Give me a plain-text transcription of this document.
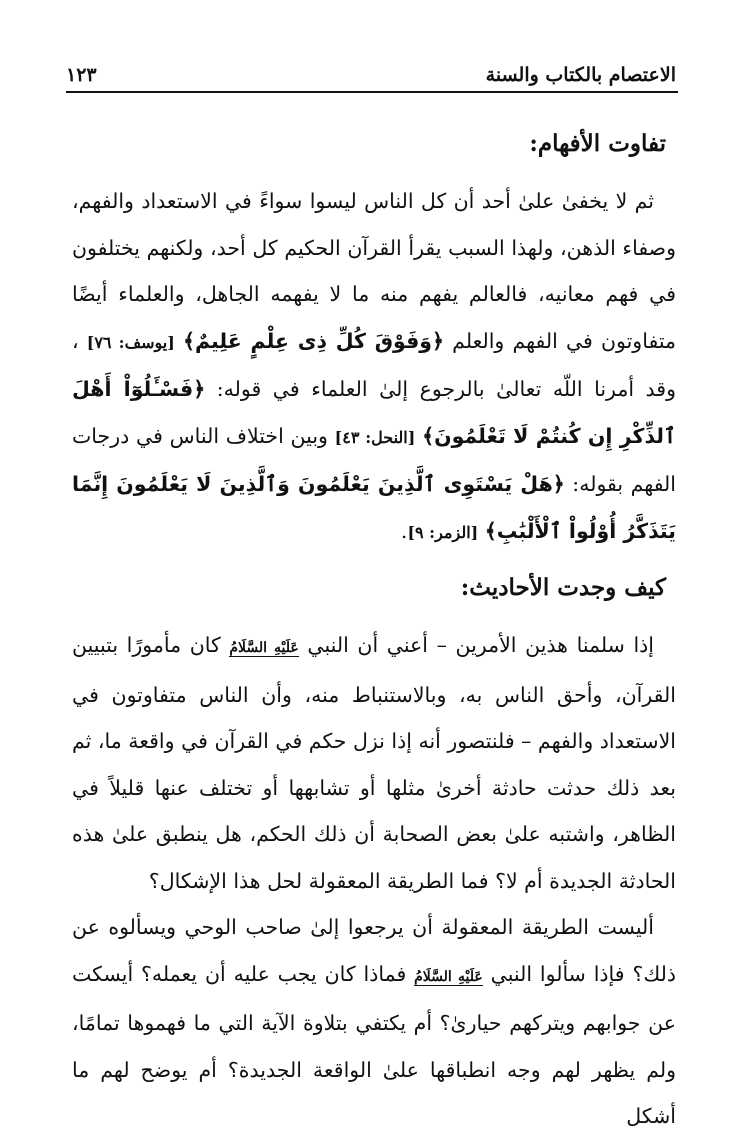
الاعتصام بالكتاب والسنة
١٢٣
تفاوت الأفهام:

ثم لا يخفىٰ علىٰ أحد أن كل الناس ليسوا سواءً في الاستعداد والفهم، وصفاء الذهن، ولهذا السبب يقرأ القرآن الحكيم كل أحد، ولكنهم يختلفون في فهم معانيه، فالعالم يفهم منه ما لا يفهمه الجاهل، والعلماء أيضًا متفاوتون في الفهم والعلم ﴿وَفَوْقَ كُلِّ ذِى عِلْمٍ عَلِيمٌ﴾ [يوسف: ٧٦] ، وقد أمرنا اللّه تعالىٰ بالرجوع إلىٰ العلماء في قوله: ﴿فَسْـَٔلُوٓاْ أَهْلَ ٱلذِّكْرِ إِن كُنتُمْ لَا تَعْلَمُونَ﴾ [النحل: ٤٣] وبين اختلاف الناس في درجات الفهم بقوله: ﴿هَلْ يَسْتَوِى ٱلَّذِينَ يَعْلَمُونَ وَٱلَّذِينَ لَا يَعْلَمُونَ إِنَّمَا يَتَذَكَّرُ أُوْلُواْ ٱلْأَلْبَٰبِ﴾ [الزمر: ٩].

كيف وجدت الأحاديث:

إذا سلمنا هذين الأمرين – أعني أن النبي عَلَيْهِ السَّلَامُ كان مأمورًا بتبيين القرآن، وأحق الناس به، وبالاستنباط منه، وأن الناس متفاوتون في الاستعداد والفهم – فلنتصور أنه إذا نزل حكم في القرآن في واقعة ما، ثم بعد ذلك حدثت حادثة أخرىٰ مثلها أو تشابهها أو تختلف عنها قليلاً في الظاهر، واشتبه علىٰ بعض الصحابة أن ذلك الحكم، هل ينطبق علىٰ هذه الحادثة الجديدة أم لا؟ فما الطريقة المعقولة لحل هذا الإشكال؟

أليست الطريقة المعقولة أن يرجعوا إلىٰ صاحب الوحي ويسألوه عن ذلك؟ فإذا سألوا النبي عَلَيْهِ السَّلَامُ فماذا كان يجب عليه أن يعمله؟ أيسكت عن جوابهم ويتركهم حيارىٰ؟ أم يكتفي بتلاوة الآية التي ما فهموها تمامًا، ولم يظهر لهم وجه انطباقها علىٰ الواقعة الجديدة؟ أم يوضح لهم ما أشكل
